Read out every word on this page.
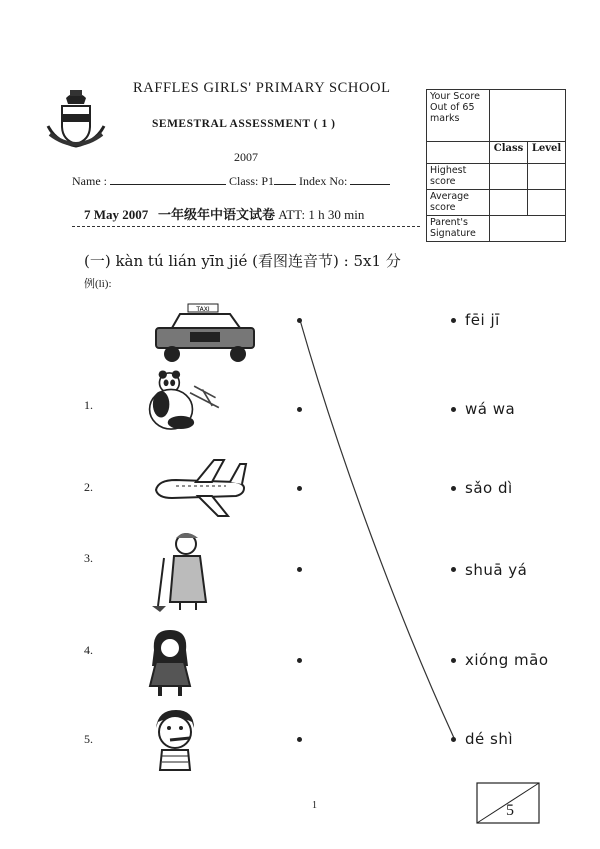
RAFFLES GIRLS' PRIMARY SCHOOL
SEMESTRAL ASSESSMENT ( 1 )
2007
Name :	Class: P1 Index No:
7 May 2007 一年级年中语文试卷 ATT: 1 h 30 min
Your Score Out of 65 marks		
	Class	Level
Highest score		
Average score		
Parent's Signature		
(一) kàn tú lián yīn jié (看图连音节) : 5x1 分
例(lì):
TAXI
fēi jī
1.	wá wa
2.	sǎo dì
3.
shuā yá
4.
xióng māo
5.	dé shì
1	5
